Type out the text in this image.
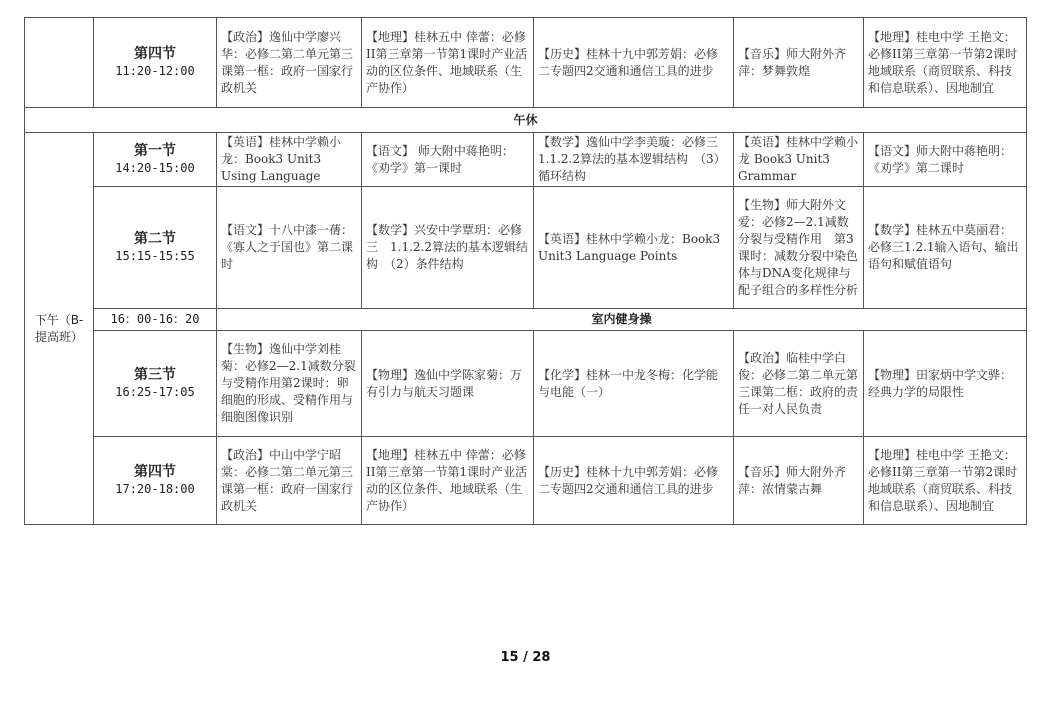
	第四节
11:20-12:00	【政治】逸仙中学廖兴华：必修二第二单元第三课第一框：政府一国家行政机关	【地理】桂林五中 倖蕾：必修II第三章第一节第1课时产业活动的区位条件、地域联系（生产协作）	【历史】桂林十九中郭芳娟：必修二专题四2交通和通信工具的进步	【音乐】师大附外齐萍：梦舞敦煌	【地理】桂电中学 王艳文：必修II第三章第一节第2课时地域联系（商贸联系、科技和信息联系）、因地制宜
午休						
下午（B-提高班）	第一节
14:20-15:00	【英语】桂林中学赖小龙：Book3 Unit3 Using Language	【语文】 师大附中蒋艳明：《劝学》第一课时	【数学】逸仙中学李美璇：必修三　1.1.2.2算法的基本逻辑结构　（3）循环结构	【英语】桂林中学赖小龙 Book3 Unit3 Grammar	【语文】师大附中蒋艳明：《劝学》第二课时

	第二节
15:15-15:55	【语文】十八中漆一蒨：《寡人之于国也》第二课时	【数学】兴安中学覃玥：必修三　1.1.2.2算法的基本逻辑结构　（2）条件结构	【英语】桂林中学赖小龙：Book3 Unit3 Language Points	【生物】师大附外文爱：必修2—2.1减数分裂与受精作用　第3课时：减数分裂中染色体与DNA变化规律与配子组合的多样性分析	【数学】桂林五中莫丽君：必修三1.2.1输入语句、输出语句和赋值语句
	16：00-16：20	室内健身操				

	第三节
16:25-17:05	【生物】逸仙中学刘桂菊：必修2—2.1减数分裂与受精作用第2课时：卵细胞的形成、受精作用与细胞图像识别	【物理】逸仙中学陈家菊：万有引力与航天习题课	【化学】桂林一中龙冬梅：化学能与电能（一）	【政治】临桂中学白俊：必修二第二单元第三课第二框：政府的责任一对人民负责	【物理】田家炳中学文骅：经典力学的局限性

	第四节
17:20-18:00	【政治】中山中学宁昭棠：必修二第二单元第三课第一框：政府一国家行政机关	【地理】桂林五中 倖蕾：必修II第三章第一节第1课时产业活动的区位条件、地域联系（生产协作）	【历史】桂林十九中郭芳娟：必修二专题四2交通和通信工具的进步	【音乐】师大附外齐萍：浓情蒙古舞	【地理】桂电中学 王艳文：必修II第三章第一节第2课时地域联系（商贸联系、科技和信息联系）、因地制宜
15 / 28
